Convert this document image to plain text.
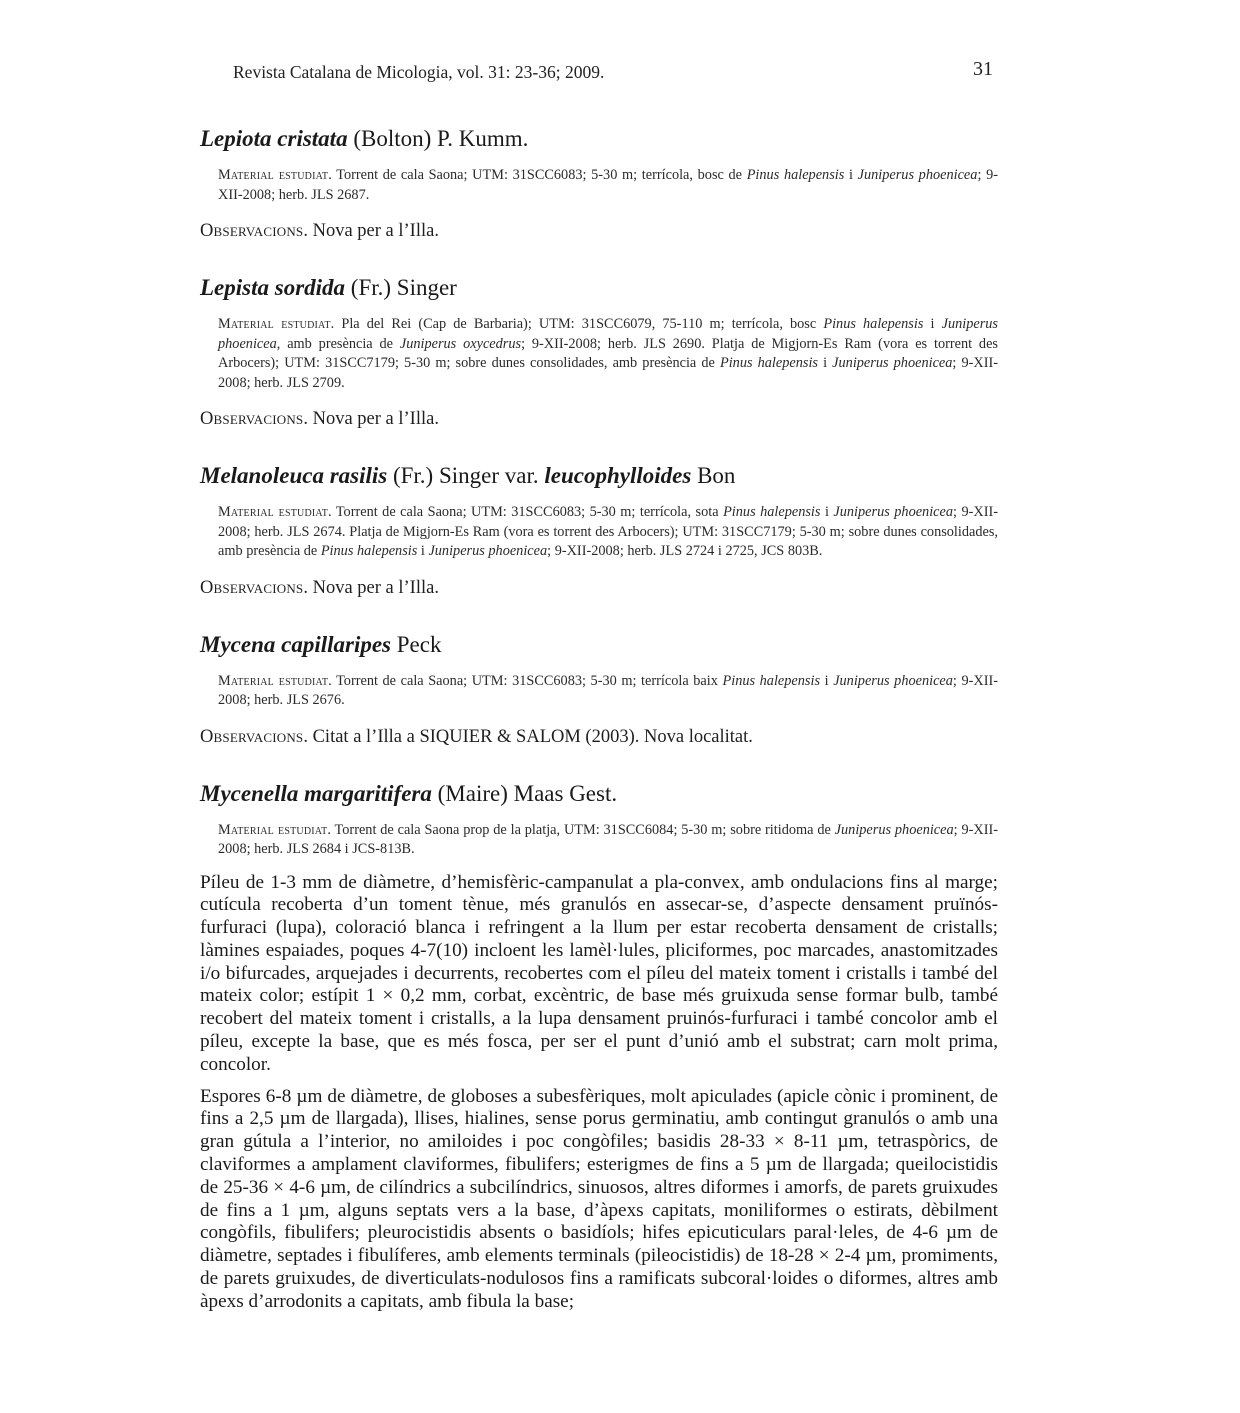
Revista Catalana de Micologia, vol. 31: 23-36; 2009.	31
Lepiota cristata (Bolton) P. Kumm.

Material estudiat. Torrent de cala Saona; UTM: 31SCC6083; 5-30 m; terrícola, bosc de Pinus halepensis i Juniperus phoenicea; 9-XII-2008; herb. JLS 2687.

Observacions. Nova per a l’Illa.

Lepista sordida (Fr.) Singer

Material estudiat. Pla del Rei (Cap de Barbaria); UTM: 31SCC6079, 75-110 m; terrícola, bosc Pinus halepensis i Juniperus phoenicea, amb presència de Juniperus oxycedrus; 9-XII-2008; herb. JLS 2690. Platja de Migjorn-Es Ram (vora es torrent des Arbocers); UTM: 31SCC7179; 5-30 m; sobre dunes consolidades, amb presència de Pinus halepensis i Juniperus phoenicea; 9-XII-2008; herb. JLS 2709.

Observacions. Nova per a l’Illa.

Melanoleuca rasilis (Fr.) Singer var. leucophylloides Bon

Material estudiat. Torrent de cala Saona; UTM: 31SCC6083; 5-30 m; terrícola, sota Pinus halepensis i Juniperus phoenicea; 9-XII-2008; herb. JLS 2674. Platja de Migjorn-Es Ram (vora es torrent des Arbocers); UTM: 31SCC7179; 5-30 m; sobre dunes consolidades, amb presència de Pinus halepensis i Juniperus phoenicea; 9-XII-2008; herb. JLS 2724 i 2725, JCS 803B.

Observacions. Nova per a l’Illa.

Mycena capillaripes Peck

Material estudiat. Torrent de cala Saona; UTM: 31SCC6083; 5-30 m; terrícola baix Pinus halepensis i Juniperus phoenicea; 9-XII-2008; herb. JLS 2676.

Observacions. Citat a l’Illa a SIQUIER & SALOM (2003). Nova localitat.

Mycenella margaritifera (Maire) Maas Gest.

Material estudiat. Torrent de cala Saona prop de la platja, UTM: 31SCC6084; 5-30 m; sobre ritidoma de Juniperus phoenicea; 9-XII-2008; herb. JLS 2684 i JCS-813B.

Píleu de 1-3 mm de diàmetre, d’hemisfèric-campanulat a pla-convex, amb ondulacions fins al marge; cutícula recoberta d’un toment tènue, més granulós en assecar-se, d’aspecte densament pruïnós-furfuraci (lupa), coloració blanca i refringent a la llum per estar recoberta densament de cristalls; làmines espaiades, poques 4-7(10) incloent les lamèl·lules, pliciformes, poc marcades, anastomitzades i/o bifurcades, arquejades i decurrents, recobertes com el píleu del mateix toment i cristalls i també del mateix color; estípit 1 × 0,2 mm, corbat, excèntric, de base més gruixuda sense formar bulb, també recobert del mateix toment i cristalls, a la lupa densament pruinós-furfuraci i també concolor amb el píleu, excepte la base, que es més fosca, per ser el punt d’unió amb el substrat; carn molt prima, concolor.

Espores 6-8 µm de diàmetre, de globoses a subesfèriques, molt apiculades (apicle cònic i prominent, de fins a 2,5 µm de llargada), llises, hialines, sense porus germinatiu, amb contingut granulós o amb una gran gútula a l’interior, no amiloides i poc congòfiles; basidis 28-33 × 8-11 µm, tetraspòrics, de claviformes a amplament claviformes, fibulifers; esterigmes de fins a 5 µm de llargada; queilocistidis de 25-36 × 4-6 µm, de cilíndrics a subcilíndrics, sinuosos, altres diformes i amorfs, de parets gruixudes de fins a 1 µm, alguns septats vers a la base, d’àpexs capitats, moniliformes o estirats, dèbilment congòfils, fibulifers; pleurocistidis absents o basidíols; hifes epicuticulars paral·leles, de 4-6 µm de diàmetre, septades i fibulíferes, amb elements terminals (pileocistidis) de 18-28 × 2-4 µm, promiments, de parets gruixudes, de diverticulats-nodulosos fins a ramificats subcoral·loides o diformes, altres amb àpexs d’arrodonits a capitats, amb fibula la base;
